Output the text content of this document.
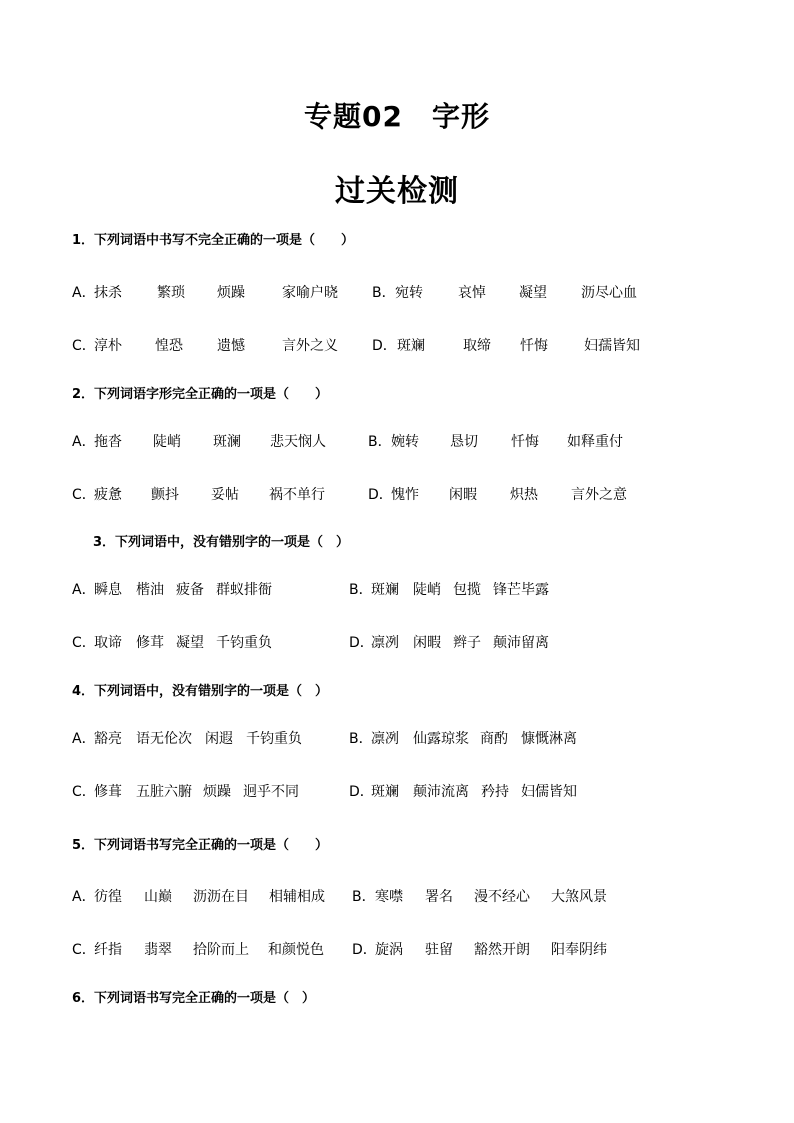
专题02　字形
过关检测
1．下列词语中书写不完全正确的一项是（　　）
A．
抹杀	繁琐 烦躁	家喻户晓 B． 宛转	哀悼 凝望 沥尽心血
C．
淳朴 惶恐 遗憾	言外之义 D． 斑斓	取缔 忏悔	妇孺皆知
2．下列词语字形完全正确的一项是（　　）
A．
拖沓 陡峭 斑澜 悲天悯人	B． 婉转 恳切 忏悔 如释重付
C．
疲惫 颤抖 妥帖 祸不单行	D．
愧怍 闲暇 炽热 言外之意
3．下列词语中，没有错别字的一项是（　）
A．
瞬息 楷油 疲备 群蚁排衙	B．
斑斓 陡峭 包揽 锋芒毕露
C．
取谛 修茸 凝望 千钧重负	D．
凛冽 闲暇 辫子 颠沛留离
4．下列词语中，没有错别字的一项是（　）
A．
豁亮 语无伦次 闲遐 千钧重负	B．
凛冽 仙露琼浆 商酌 慷慨淋离
C．
修葺 五脏六腑 烦躁 迥乎不同	D．
斑斓 颠沛流离 矜持 妇儒皆知
5．下列词语书写完全正确的一项是（　　）
A．
彷徨 山巅 沥沥在目 相辅相成 B． 寒噤 署名 漫不经心 大煞风景
C．
纤指 翡翠 拾阶而上 和颜悦色 D．
旋涡 驻留 豁然开朗 阳奉阴纬
6．下列词语书写完全正确的一项是（　）
